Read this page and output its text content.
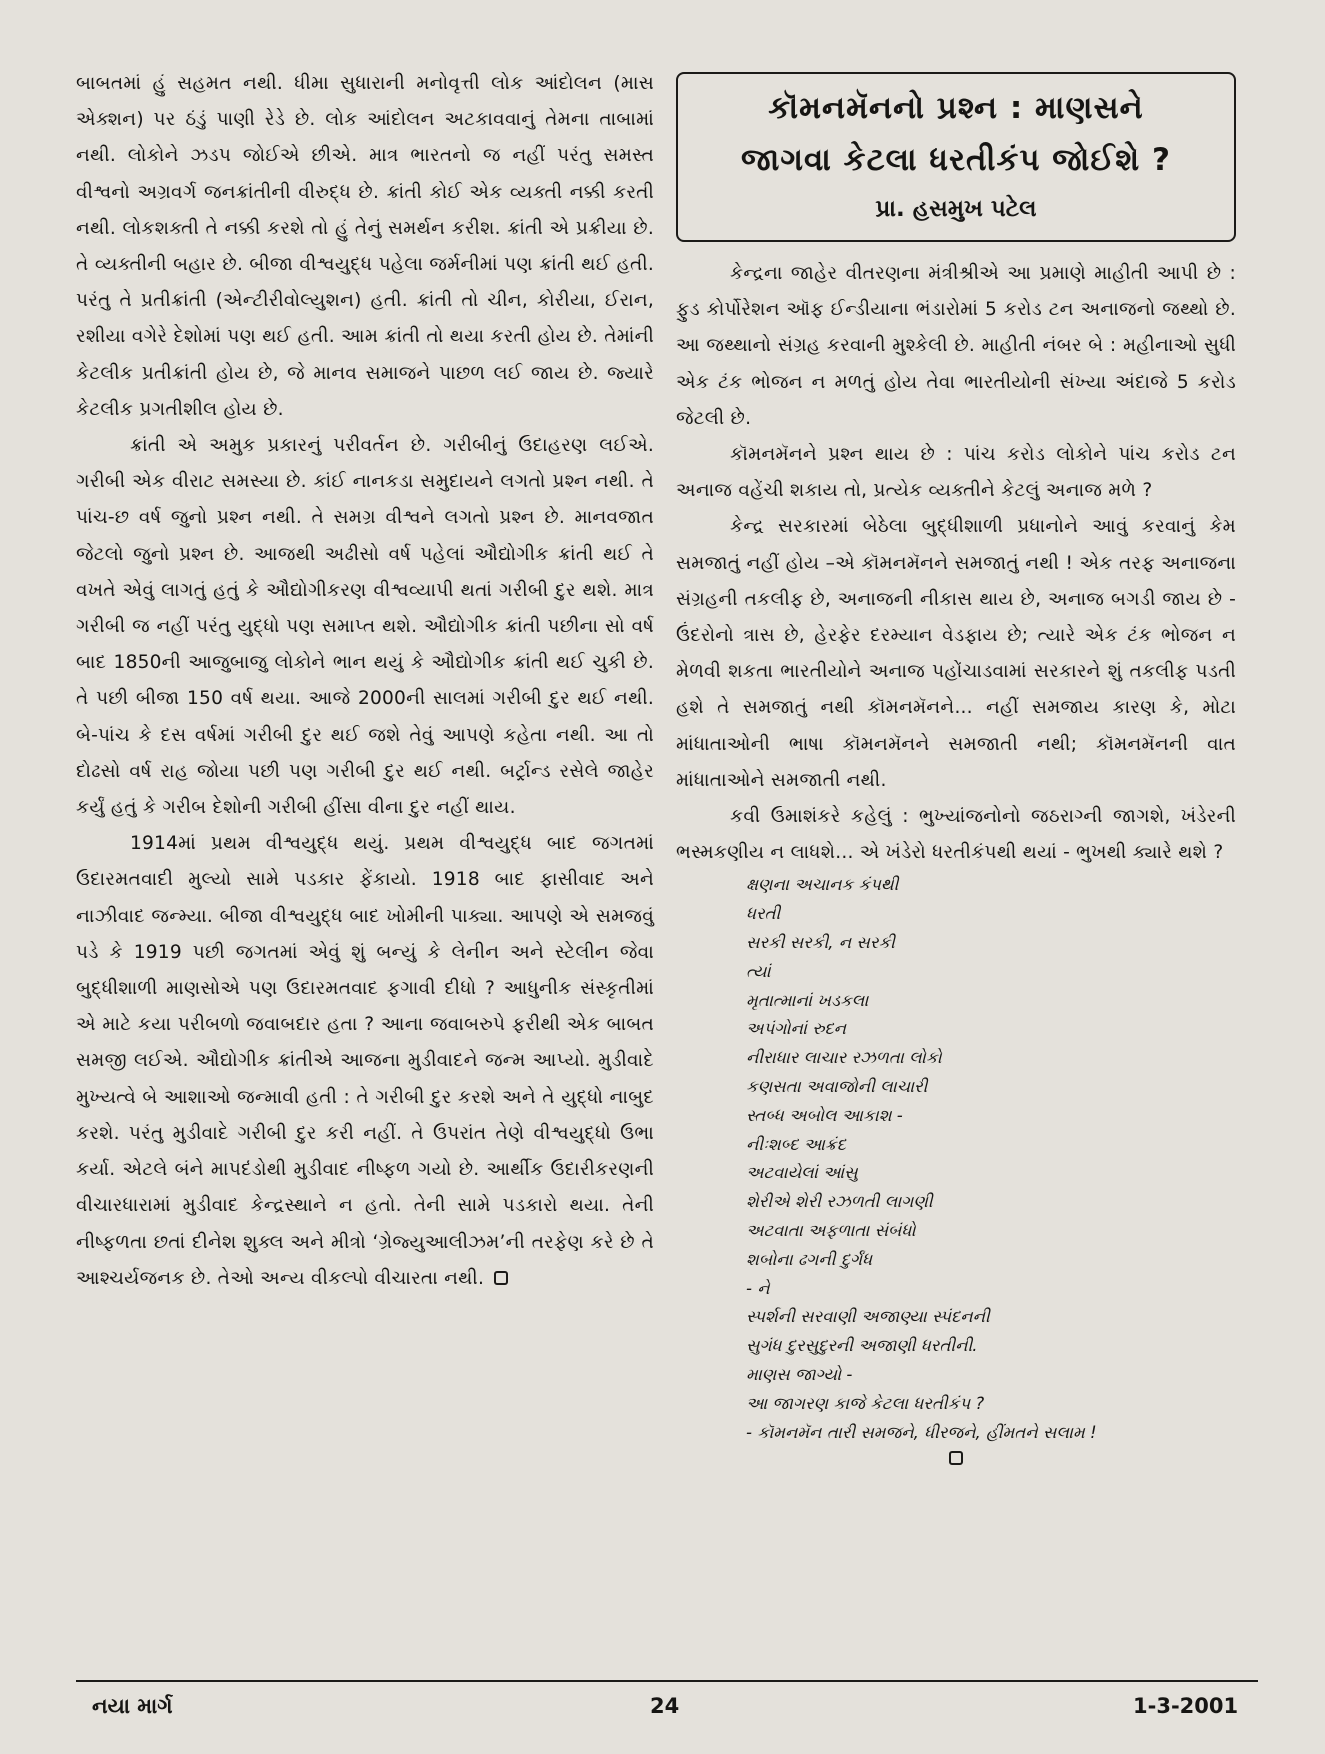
બાબતમાં હું સહમત નથી. ધીમા સુધારાની મનોવૃત્તી લોક આંદોલન (માસ એક્શન) પર ઠંડું પાણી રેડે છે. લોક આંદોલન અટકાવવાનું તેમના તાબામાં નથી. લોકોને ઝડપ જોઈએ છીએ. માત્ર ભારતનો જ નહીં પરંતુ સમસ્ત વીશ્વનો અગ્રવર્ગ જનક્રાંતીની વીરુદ્ધ છે. ક્રાંતી કોઈ એક વ્યક્તી નક્કી કરતી નથી. લોકશક્તી તે નક્કી કરશે તો હું તેનું સમર્થન કરીશ. ક્રાંતી એ પ્રક્રીયા છે. તે વ્યક્તીની બહાર છે. બીજા વીશ્વયુદ્ધ પહેલા જર્મનીમાં પણ ક્રાંતી થઈ હતી. પરંતુ તે પ્રતીક્રાંતી (એન્ટીરીવોલ્યુશન) હતી. ક્રાંતી તો ચીન, કોરીયા, ઈરાન, રશીયા વગેરે દેશોમાં પણ થઈ હતી. આમ ક્રાંતી તો થયા કરતી હોય છે. તેમાંની કેટલીક પ્રતીક્રાંતી હોય છે, જે માનવ સમાજને પાછળ લઈ જાય છે. જ્યારે કેટલીક પ્રગતીશીલ હોય છે.

ક્રાંતી એ અમુક પ્રકારનું પરીવર્તન છે. ગરીબીનું ઉદાહરણ લઈએ. ગરીબી એક વીરાટ સમસ્યા છે. કાંઈ નાનકડા સમુદાયને લગતો પ્રશ્ન નથી. તે પાંચ-છ વર્ષ જુનો પ્રશ્ન નથી. તે સમગ્ર વીશ્વને લગતો પ્રશ્ન છે. માનવજાત જેટલો જુનો પ્રશ્ન છે. આજથી અઢીસો વર્ષ પહેલાં ઔદ્યોગીક ક્રાંતી થઈ તે વખતે એવું લાગતું હતું કે ઔદ્યોગીકરણ વીશ્વવ્યાપી થતાં ગરીબી દુર થશે. માત્ર ગરીબી જ નહીં પરંતુ યુદ્ધો પણ સમાપ્ત થશે. ઔદ્યોગીક ક્રાંતી પછીના સો વર્ષ બાદ 1850ની આજુબાજુ લોકોને ભાન થયું કે ઔદ્યોગીક ક્રાંતી થઈ ચુકી છે. તે પછી બીજા 150 વર્ષ થયા. આજે 2000ની સાલમાં ગરીબી દુર થઈ નથી. બે-પાંચ કે દસ વર્ષમાં ગરીબી દુર થઈ જશે તેવું આપણે કહેતા નથી. આ તો દોઢસો વર્ષ રાહ જોયા પછી પણ ગરીબી દુર થઈ નથી. બર્ટ્રાન્ડ રસેલે જાહેર કર્યું હતું કે ગરીબ દેશોની ગરીબી હીંસા વીના દુર નહીં થાય.

1914માં પ્રથમ વીશ્વયુદ્ધ થયું. પ્રથમ વીશ્વયુદ્ધ બાદ જગતમાં ઉદારમતવાદી મુલ્યો સામે પડકાર ફેંકાયો. 1918 બાદ ફાસીવાદ અને નાઝીવાદ જન્મ્યા. બીજા વીશ્વયુદ્ધ બાદ ખોમીની પાક્યા. આપણે એ સમજવું પડે કે 1919 પછી જગતમાં એવું શું બન્યું કે લેનીન અને સ્ટેલીન જેવા બુદ્ધીશાળી માણસોએ પણ ઉદારમતવાદ ફગાવી દીધો ? આધુનીક સંસ્કૃતીમાં એ માટે કયા પરીબળો જવાબદાર હતા ? આના જવાબરુપે ફરીથી એક બાબત સમજી લઈએ. ઔદ્યોગીક ક્રાંતીએ આજના મુડીવાદને જન્મ આપ્યો. મુડીવાદે મુખ્યત્વે બે આશાઓ જન્માવી હતી : તે ગરીબી દુર કરશે અને તે યુદ્ધો નાબુદ કરશે. પરંતુ મુડીવાદે ગરીબી દુર કરી નહીં. તે ઉપરાંત તેણે વીશ્વયુદ્ધો ઉભા કર્યા. એટલે બંને માપદંડોથી મુડીવાદ નીષ્ફળ ગયો છે. આર્થીક ઉદારીકરણની વીચારધારામાં મુડીવાદ કેન્દ્રસ્થાને ન હતો. તેની સામે પડકારો થયા. તેની નીષ્ફળતા છતાં દીનેશ શુક્લ અને મીત્રો ‘ગ્રેજ્યુઆલીઝમ’ની તરફેણ કરે છે તે આશ્ચર્યજનક છે. તેઓ અન્ય વીકલ્પો વીચારતા નથી.

કૉમનમૅનનો પ્રશ્ન : માણસને
જાગવા કેટલા ધરતીકંપ જોઈશે ?
પ્રા. હસમુખ પટેલ

કેન્દ્રના જાહેર વીતરણના મંત્રીશ્રીએ આ પ્રમાણે માહીતી આપી છે : ફુડ કોર્પોરેશન ઑફ ઈન્ડીયાના ભંડારોમાં 5 કરોડ ટન અનાજનો જથ્થો છે. આ જથ્થાનો સંગ્રહ કરવાની મુશ્કેલી છે. માહીતી નંબર બે : મહીનાઓ સુધી એક ટંક ભોજન ન મળતું હોય તેવા ભારતીયોની સંખ્યા અંદાજે 5 કરોડ જેટલી છે.

કૉમનમૅનને પ્રશ્ન થાય છે : પાંચ કરોડ લોકોને પાંચ કરોડ ટન અનાજ વહેંચી શકાય તો, પ્રત્યેક વ્યક્તીને કેટલું અનાજ મળે ?

કેન્દ્ર સરકારમાં બેઠેલા બુદ્ધીશાળી પ્રધાનોને આવું કરવાનું કેમ સમજાતું નહીં હોય –એ કૉમનમૅનને સમજાતું નથી ! એક તરફ અનાજના સંગ્રહની તકલીફ છે, અનાજની નીકાસ થાય છે, અનાજ બગડી જાય છે - ઉંદરોનો ત્રાસ છે, હેરફેર દરમ્યાન વેડફાય છે; ત્યારે એક ટંક ભોજન ન મેળવી શકતા ભારતીયોને અનાજ પહોંચાડવામાં સરકારને શું તકલીફ પડતી હશે તે સમજાતું નથી કૉમનમૅનને... નહીં સમજાય કારણ કે, મોટા માંધાતાઓની ભાષા કૉમનમૅનને સમજાતી નથી; કૉમનમૅનની વાત માંધાતાઓને સમજાતી નથી.

કવી ઉમાશંકરે કહેલું : ભુખ્યાંજનોનો જઠરાગ્ની જાગશે, ખંડેરની ભસ્મકણીય ન લાધશે... એ ખંડેરો ધરતીકંપથી થયાં - ભુખથી ક્યારે થશે ?

ક્ષણના અચાનક કંપથી
ધરતી
સરકી સરકી, ન સરકી
ત્યાં
મૃતાત્માનાં ખડકલા
અપંગોનાં રુદન
નીરાધાર લાચાર રઝળતા લોકો
કણસતા અવાજોની લાચારી
સ્તબ્ધ અબોલ આકાશ -
નીઃશબ્દ આક્રંદ
અટવાયેલાં આંસુ
શેરીએ શેરી રઝળતી લાગણી
અટવાતા અફળાતા સંબંધો
શબોના ઢગની દુર્ગંધ
- ને
સ્પર્શની સરવાણી અજાણ્યા સ્પંદનની
સુગંધ દુરસુદુરની અજાણી ધરતીની.
માણસ જાગ્યો -
આ જાગરણ કાજે કેટલા ધરતીકંપ ?
- કૉમનમૅન તારી સમજને, ધીરજને, હીંમતને સલામ !
નયા માર્ગ	24	1-3-2001
